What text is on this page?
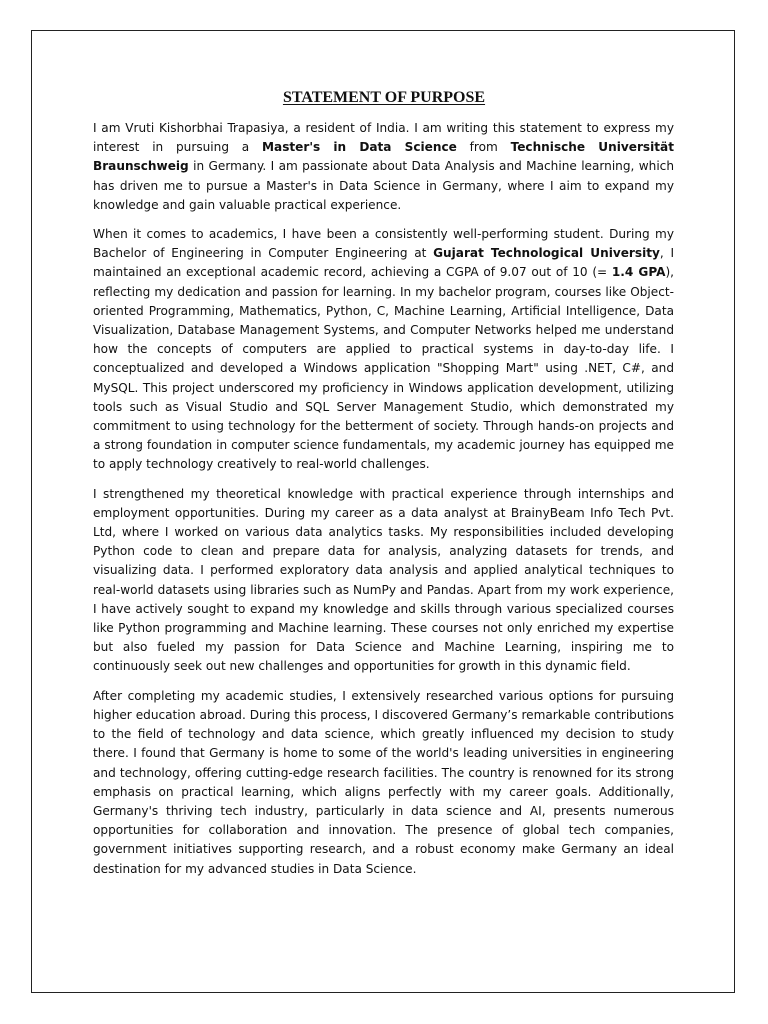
STATEMENT OF PURPOSE

I am Vruti Kishorbhai Trapasiya, a resident of India. I am writing this statement to express my interest in pursuing a Master's in Data Science from Technische Universität Braunschweig in Germany. I am passionate about Data Analysis and Machine learning, which has driven me to pursue a Master's in Data Science in Germany, where I aim to expand my knowledge and gain valuable practical experience.

When it comes to academics, I have been a consistently well-performing student. During my Bachelor of Engineering in Computer Engineering at Gujarat Technological University, I maintained an exceptional academic record, achieving a CGPA of 9.07 out of 10 (= 1.4 GPA), reflecting my dedication and passion for learning. In my bachelor program, courses like Object-oriented Programming, Mathematics, Python, C, Machine Learning, Artificial Intelligence, Data Visualization, Database Management Systems, and Computer Networks helped me understand how the concepts of computers are applied to practical systems in day-to-day life. I conceptualized and developed a Windows application "Shopping Mart" using .NET, C#, and MySQL. This project underscored my proficiency in Windows application development, utilizing tools such as Visual Studio and SQL Server Management Studio, which demonstrated my commitment to using technology for the betterment of society. Through hands-on projects and a strong foundation in computer science fundamentals, my academic journey has equipped me to apply technology creatively to real-world challenges.

I strengthened my theoretical knowledge with practical experience through internships and employment opportunities. During my career as a data analyst at BrainyBeam Info Tech Pvt. Ltd, where I worked on various data analytics tasks. My responsibilities included developing Python code to clean and prepare data for analysis, analyzing datasets for trends, and visualizing data. I performed exploratory data analysis and applied analytical techniques to real-world datasets using libraries such as NumPy and Pandas. Apart from my work experience, I have actively sought to expand my knowledge and skills through various specialized courses like Python programming and Machine learning. These courses not only enriched my expertise but also fueled my passion for Data Science and Machine Learning, inspiring me to continuously seek out new challenges and opportunities for growth in this dynamic field.

After completing my academic studies, I extensively researched various options for pursuing higher education abroad. During this process, I discovered Germany’s remarkable contributions to the field of technology and data science, which greatly influenced my decision to study there. I found that Germany is home to some of the world's leading universities in engineering and technology, offering cutting-edge research facilities. The country is renowned for its strong emphasis on practical learning, which aligns perfectly with my career goals. Additionally, Germany's thriving tech industry, particularly in data science and AI, presents numerous opportunities for collaboration and innovation. The presence of global tech companies, government initiatives supporting research, and a robust economy make Germany an ideal destination for my advanced studies in Data Science.
